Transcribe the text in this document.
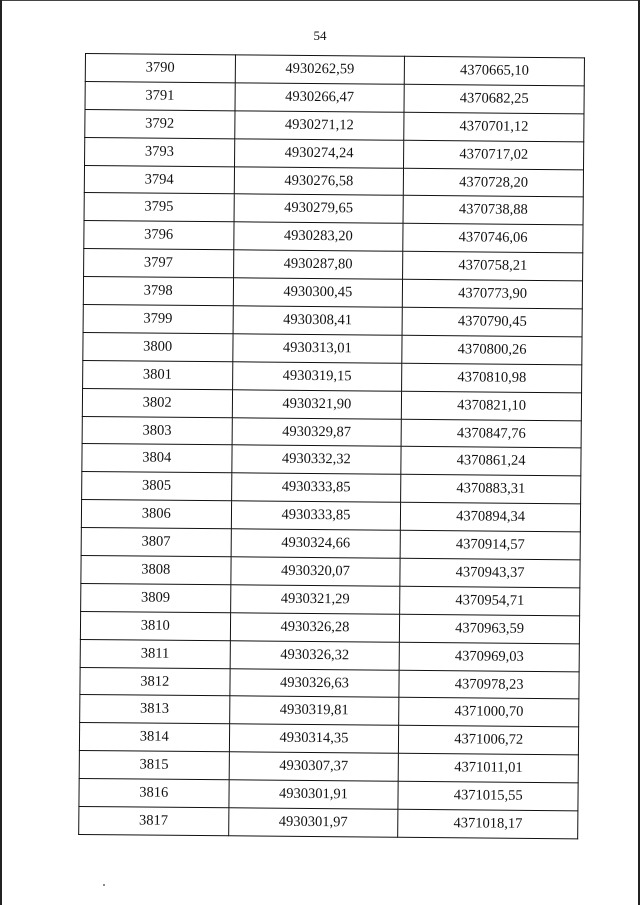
54
3790	4930262,59	4370665,10
3791	4930266,47	4370682,25
3792	4930271,12	4370701,12
3793	4930274,24	4370717,02
3794	4930276,58	4370728,20
3795	4930279,65	4370738,88
3796	4930283,20	4370746,06
3797	4930287,80	4370758,21
3798	4930300,45	4370773,90
3799	4930308,41	4370790,45
3800	4930313,01	4370800,26
3801	4930319,15	4370810,98
3802	4930321,90	4370821,10
3803	4930329,87	4370847,76
3804	4930332,32	4370861,24
3805	4930333,85	4370883,31
3806	4930333,85	4370894,34
3807	4930324,66	4370914,57
3808	4930320,07	4370943,37
3809	4930321,29	4370954,71
3810	4930326,28	4370963,59
3811	4930326,32	4370969,03
3812	4930326,63	4370978,23
3813	4930319,81	4371000,70
3814	4930314,35	4371006,72
3815	4930307,37	4371011,01
3816	4930301,91	4371015,55
3817	4930301,97	4371018,17
